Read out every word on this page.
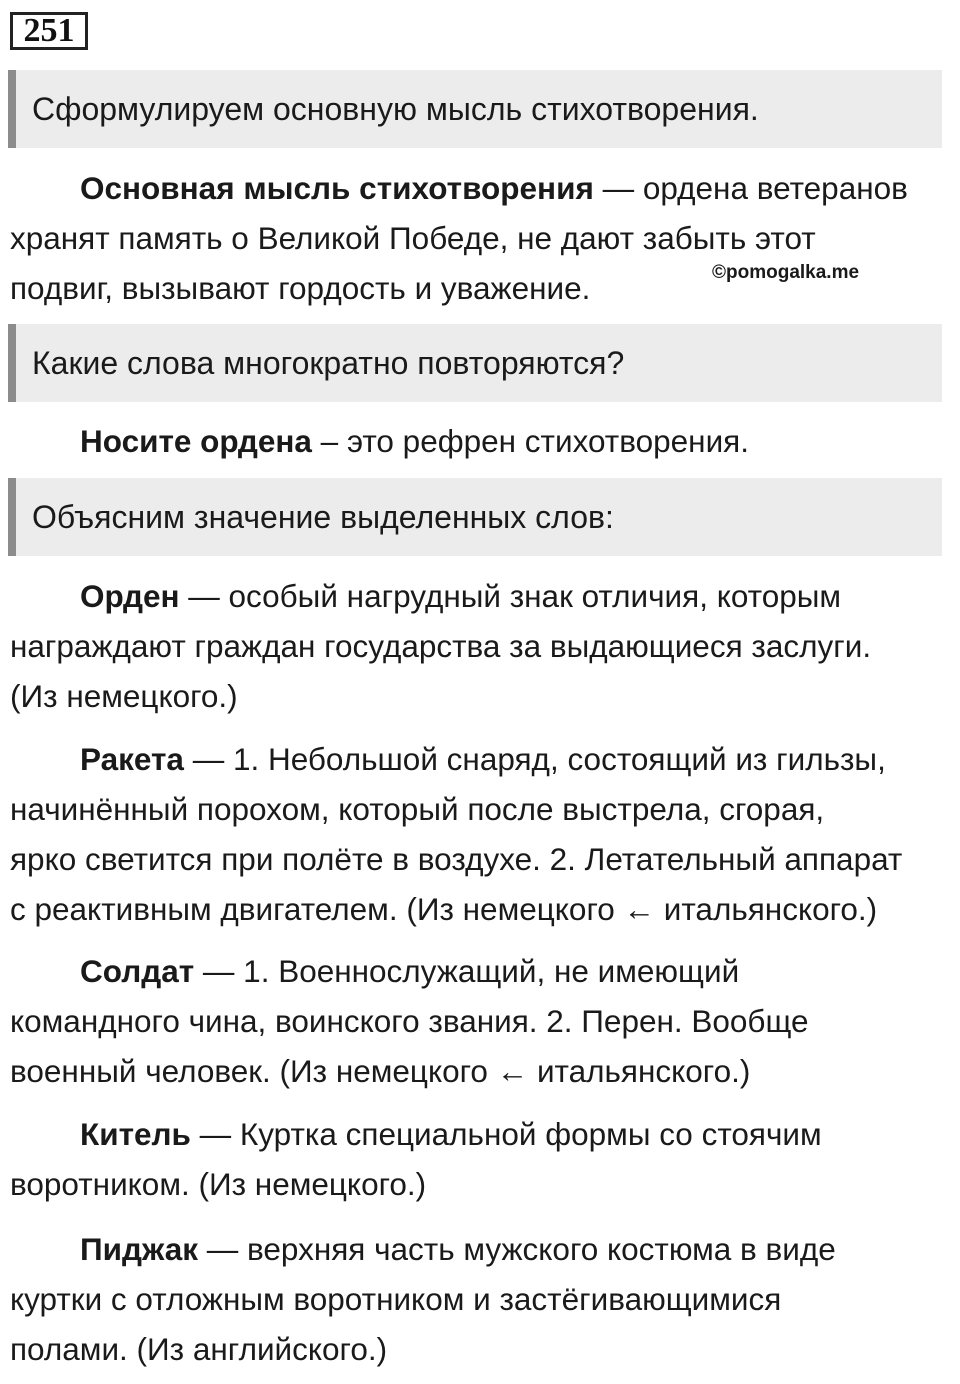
251
Сформулируем основную мысль стихотворения.
Основная мысль стихотворения — ордена ветеранов
хранят память о Великой Победе, не дают забыть этот
подвиг, вызывают гордость и уважение.	©pomogalka.me
Какие слова многократно повторяются?
Носите ордена – это рефрен стихотворения.
Объясним значение выделенных слов:
Орден — особый нагрудный знак отличия, которым
награждают граждан государства за выдающиеся заслуги.
(Из немецкого.)
Ракета — 1. Небольшой снаряд, состоящий из гильзы,
начинённый порохом, который после выстрела, сгорая,
ярко светится при полёте в воздухе. 2. Летательный аппарат
с реактивным двигателем. (Из немецкого ← итальянского.)
Солдат — 1. Военнослужащий, не имеющий
командного чина, воинского звания. 2. Перен. Вообще
военный человек. (Из немецкого ← итальянского.)
Китель — Куртка специальной формы со стоячим
воротником. (Из немецкого.)
Пиджак — верхняя часть мужского костюма в виде
куртки с отложным воротником и застёгивающимися
полами. (Из английского.)
